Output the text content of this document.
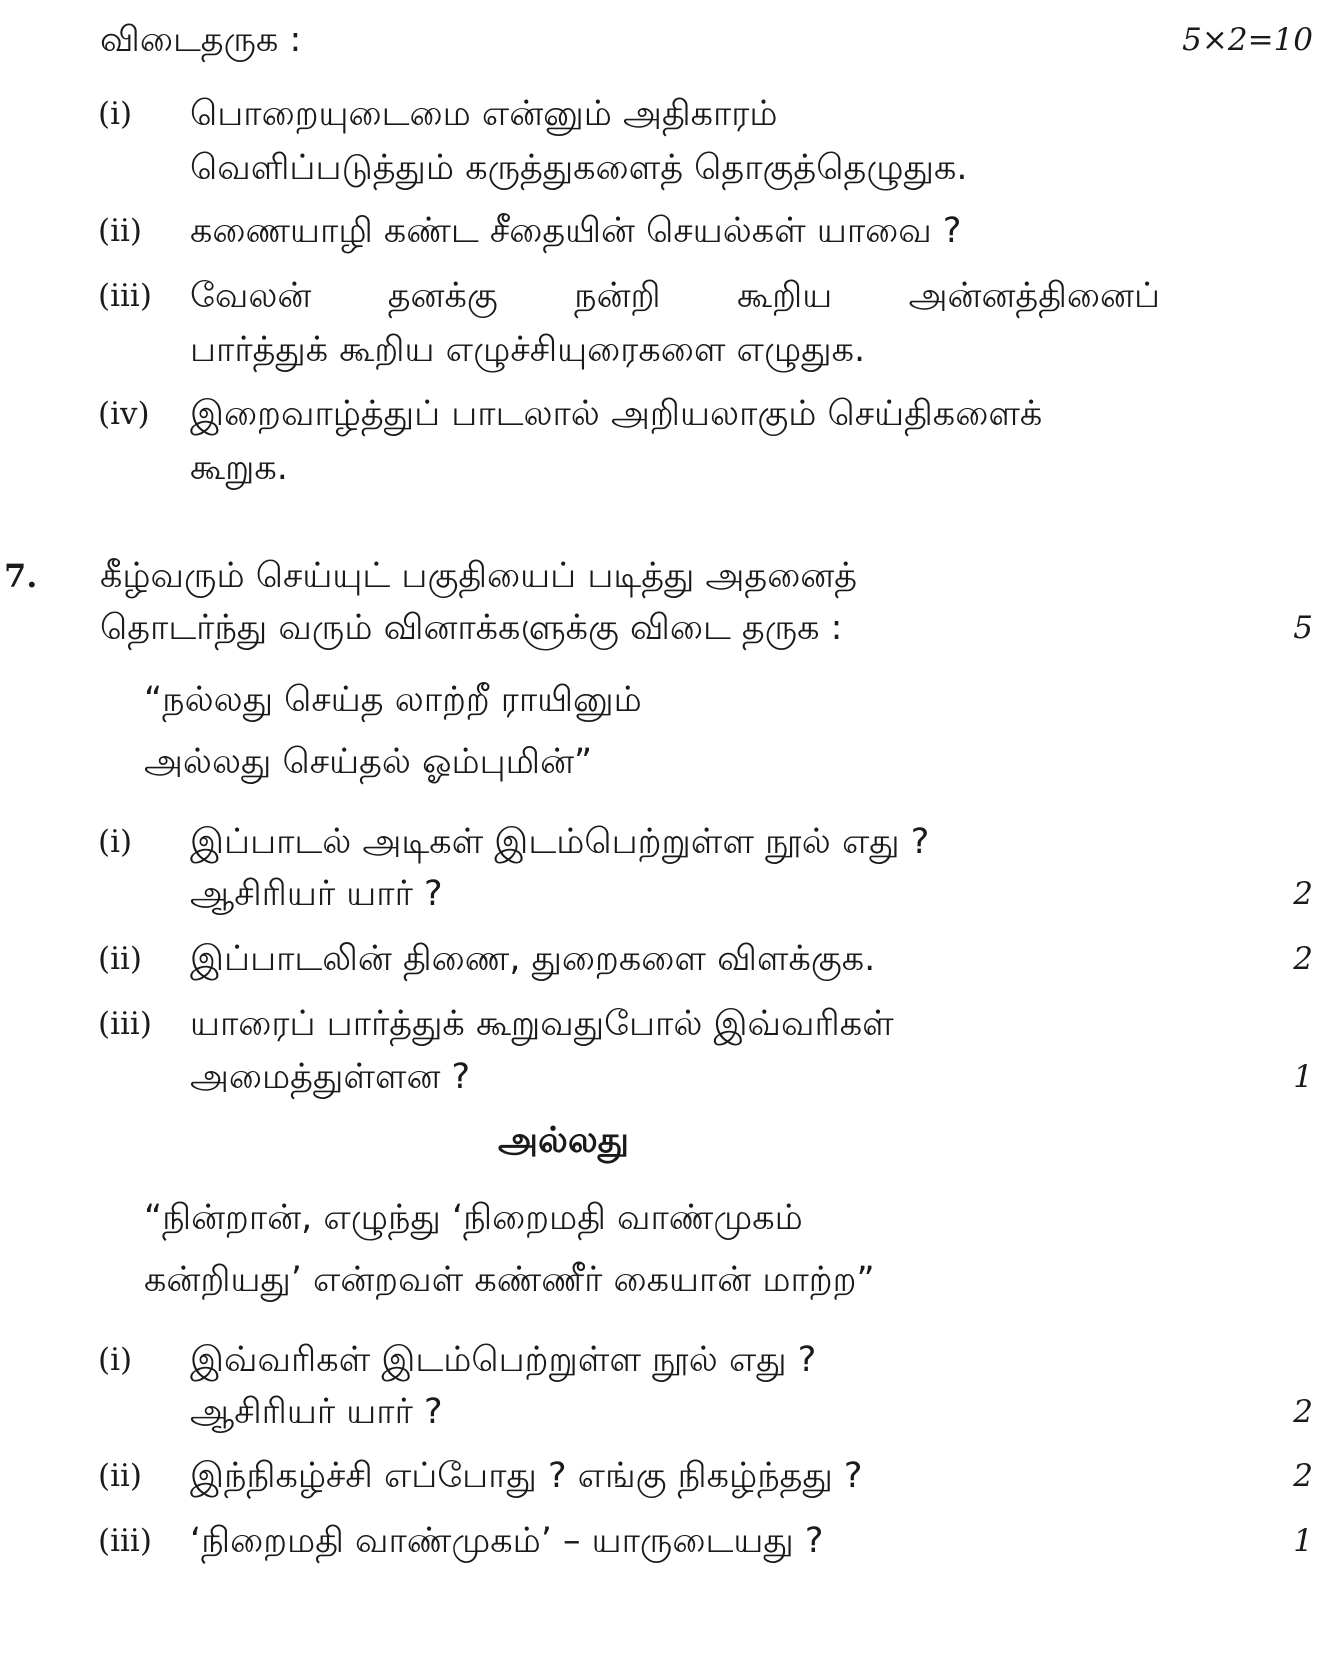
விடைதருக :	5×2=10
(i) பொறையுடைமை என்னும் அதிகாரம்
வெளிப்படுத்தும் கருத்துகளைத் தொகுத்தெழுதுக.
(ii) கணையாழி கண்ட சீதையின் செயல்கள் யாவை ?
(iii) வேலன் தனக்கு நன்றி கூறிய அன்னத்தினைப்
பார்த்துக் கூறிய எழுச்சியுரைகளை எழுதுக.
(iv) இறைவாழ்த்துப் பாடலால் அறியலாகும் செய்திகளைக்
கூறுக.
7. கீழ்வரும் செய்யுட் பகுதியைப் படித்து அதனைத்
தொடர்ந்து வரும் வினாக்களுக்கு விடை தருக :	5
“நல்லது செய்த லாற்றீ ராயினும்
அல்லது செய்தல் ஓம்புமின்”
(i) இப்பாடல் அடிகள் இடம்பெற்றுள்ள நூல் எது ?
ஆசிரியர் யார் ?	2
(ii) இப்பாடலின் திணை, துறைகளை விளக்குக.	2
(iii) யாரைப் பார்த்துக் கூறுவதுபோல் இவ்வரிகள்
அமைத்துள்ளன ?	1
அல்லது
“நின்றான், எழுந்து ‘நிறைமதி வாண்முகம்
கன்றியது’ என்றவள் கண்ணீர் கையான் மாற்ற”
(i) இவ்வரிகள் இடம்பெற்றுள்ள நூல் எது ?
ஆசிரியர் யார் ?	2
(ii) இந்நிகழ்ச்சி எப்போது ? எங்கு நிகழ்ந்தது ?	2
(iii) ‘நிறைமதி வாண்முகம்’ – யாருடையது ?	1
